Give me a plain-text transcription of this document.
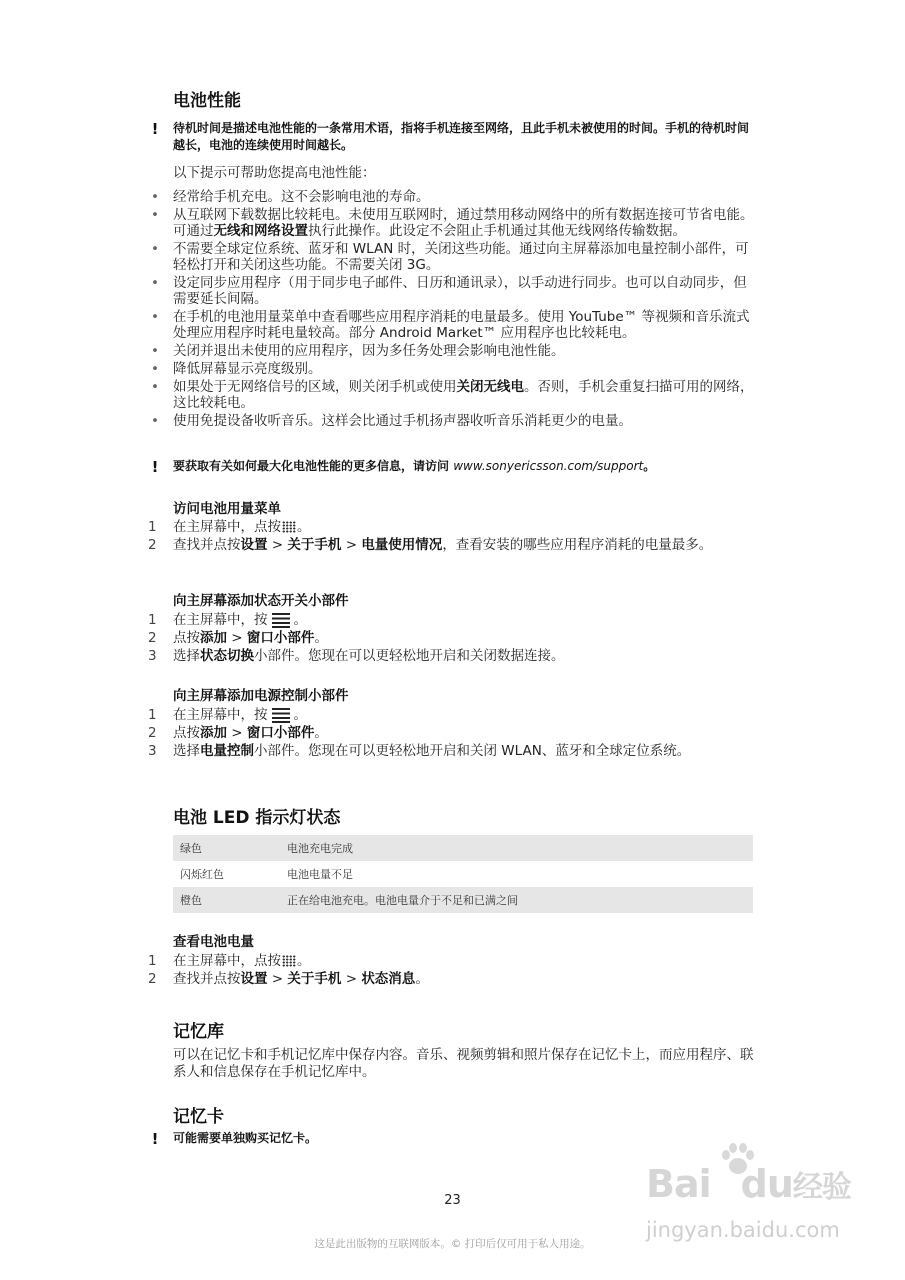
电池性能
! 待机时间是描述电池性能的一条常用术语，指将手机连接至网络，且此手机未被使用的时间。手机的待机时间越长，电池的连续使用时间越长。
以下提示可帮助您提高电池性能：
• 经常给手机充电。这不会影响电池的寿命。
• 从互联网下载数据比较耗电。未使用互联网时，通过禁用移动网络中的所有数据连接可节省电能。可通过无线和网络设置执行此操作。此设定不会阻止手机通过其他无线网络传输数据。
• 不需要全球定位系统、蓝牙和 WLAN 时，关闭这些功能。通过向主屏幕添加电量控制小部件，可轻松打开和关闭这些功能。不需要关闭 3G。
• 设定同步应用程序（用于同步电子邮件、日历和通讯录），以手动进行同步。也可以自动同步，但需要延长间隔。
• 在手机的电池用量菜单中查看哪些应用程序消耗的电量最多。使用 YouTube™ 等视频和音乐流式处理应用程序时耗电量较高。部分 Android Market™ 应用程序也比较耗电。
• 关闭并退出未使用的应用程序，因为多任务处理会影响电池性能。
• 降低屏幕显示亮度级别。
• 如果处于无网络信号的区域，则关闭手机或使用关闭无线电。否则，手机会重复扫描可用的网络，这比较耗电。
• 使用免提设备收听音乐。这样会比通过手机扬声器收听音乐消耗更少的电量。
! 要获取有关如何最大化电池性能的更多信息，请访问 www.sonyericsson.com/support。
访问电池用量菜单
1 在主屏幕中，点按 。
2 查找并点按设置 > 关于手机 > 电量使用情况，查看安装的哪些应用程序消耗的电量最多。
向主屏幕添加状态开关小部件
1 在主屏幕中，按 。
2 点按添加 > 窗口小部件。
3 选择状态切换小部件。您现在可以更轻松地开启和关闭数据连接。
向主屏幕添加电源控制小部件
1 在主屏幕中，按 。
2 点按添加 > 窗口小部件。
3 选择电量控制小部件。您现在可以更轻松地开启和关闭 WLAN、蓝牙和全球定位系统。
电池 LED 指示灯状态
绿色	电池充电完成
闪烁红色	电池电量不足
橙色	正在给电池充电。电池电量介于不足和已满之间
查看电池电量
1 在主屏幕中，点按 。
2 查找并点按设置 > 关于手机 > 状态消息。
记忆库
可以在记忆卡和手机记忆库中保存内容。音乐、视频剪辑和照片保存在记忆卡上，而应用程序、联系人和信息保存在手机记忆库中。
记忆卡
! 可能需要单独购买记忆卡。
Bai du经验
jingyan.baidu.com
23
这是此出版物的互联网版本。© 打印后仅可用于私人用途。
